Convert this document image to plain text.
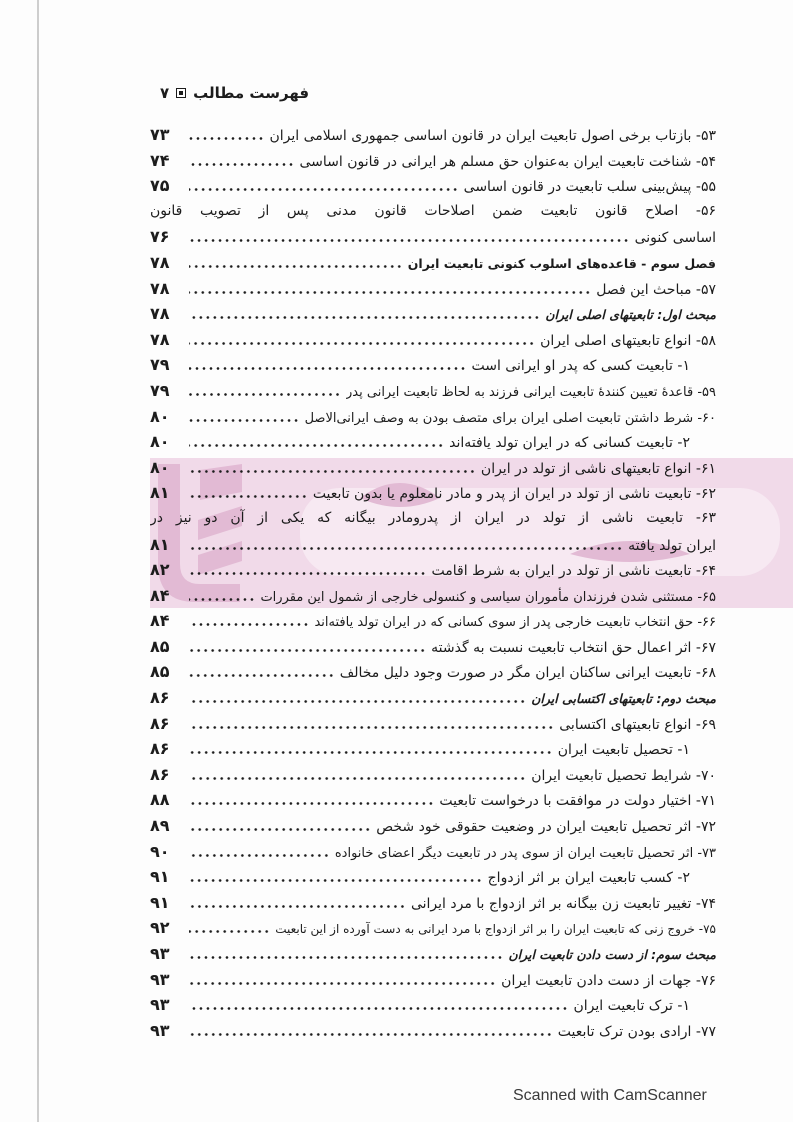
فهرست مطالب
۷
۵۳- بازتاب برخی اصول تابعیت ایران در قانون اساسی جمهوری اسلامی ایران
۷۳
۵۴- شناخت تابعیت ایران به‌عنوان حق مسلم هر ایرانی در قانون اساسی
۷۴
۵۵- پیش‌بینی سلب تابعیت در قانون اساسی
۷۵
۵۶- اصلاح قانون تابعیت ضمن اصلاحات قانون مدنی پس از تصویب قانون
اساسی کنونی
۷۶
فصل سوم - قاعده‌های اسلوب کنونی تابعیت ایران
۷۸
۵۷- مباحث این فصل
۷۸
مبحث اول: تابعیتهای اصلی ایران
۷۸
۵۸- انواع تابعیتهای اصلی ایران
۷۸
۱- تابعیت کسی که پدر او ایرانی است
۷۹
۵۹- قاعدهٔ تعیین کنندهٔ تابعیت ایرانی فرزند به لحاظ تابعیت ایرانی پدر
۷۹
۶۰- شرط داشتن تابعیت اصلی ایران برای متصف بودن به وصف ایرانی‌الاصل
۸۰
۲- تابعیت کسانی که در ایران تولد یافته‌اند
۸۰
۶۱- انواع تابعیتهای ناشی از تولد در ایران
۸۰
۶۲- تابعیت ناشی از تولد در ایران از پدر و مادر نامعلوم یا بدون تابعیت
۸۱
۶۳- تابعیت ناشی از تولد در ایران از پدرومادر بیگانه که یکی از آن دو نیز در
ایران تولد یافته
۸۱
۶۴- تابعیت ناشی از تولد در ایران به شرط اقامت
۸۲
۶۵- مستثنی شدن فرزندان مأموران سیاسی و کنسولی خارجی از شمول این مقررات
۸۴
۶۶- حق انتخاب تابعیت خارجی پدر از سوی کسانی که در ایران تولد یافته‌اند
۸۴
۶۷- اثر اعمال حق انتخاب تابعیت نسبت به گذشته
۸۵
۶۸- تابعیت ایرانی ساکنان ایران مگر در صورت وجود دلیل مخالف
۸۵
مبحث دوم: تابعیتهای اکتسابی ایران
۸۶
۶۹- انواع تابعیتهای اکتسابی
۸۶
۱- تحصیل تابعیت ایران
۸۶
۷۰- شرایط تحصیل تابعیت ایران
۸۶
۷۱- اختیار دولت در موافقت با درخواست تابعیت
۸۸
۷۲- اثر تحصیل تابعیت ایران در وضعیت حقوقی خود شخص
۸۹
۷۳- اثر تحصیل تابعیت ایران از سوی پدر در تابعیت دیگر اعضای خانواده
۹۰
۲- کسب تابعیت ایران بر اثر ازدواج
۹۱
۷۴- تغییر تابعیت زن بیگانه بر اثر ازدواج با مرد ایرانی
۹۱
۷۵- خروج زنی که تابعیت ایران را بر اثر ازدواج با مرد ایرانی به دست آورده از این تابعیت
۹۲
مبحث سوم: از دست دادن تابعیت ایران
۹۳
۷۶- جهات از دست دادن تابعیت ایران
۹۳
۱- ترک تابعیت ایران
۹۳
۷۷- ارادی بودن ترک تابعیت
۹۳
Scanned with CamScanner
